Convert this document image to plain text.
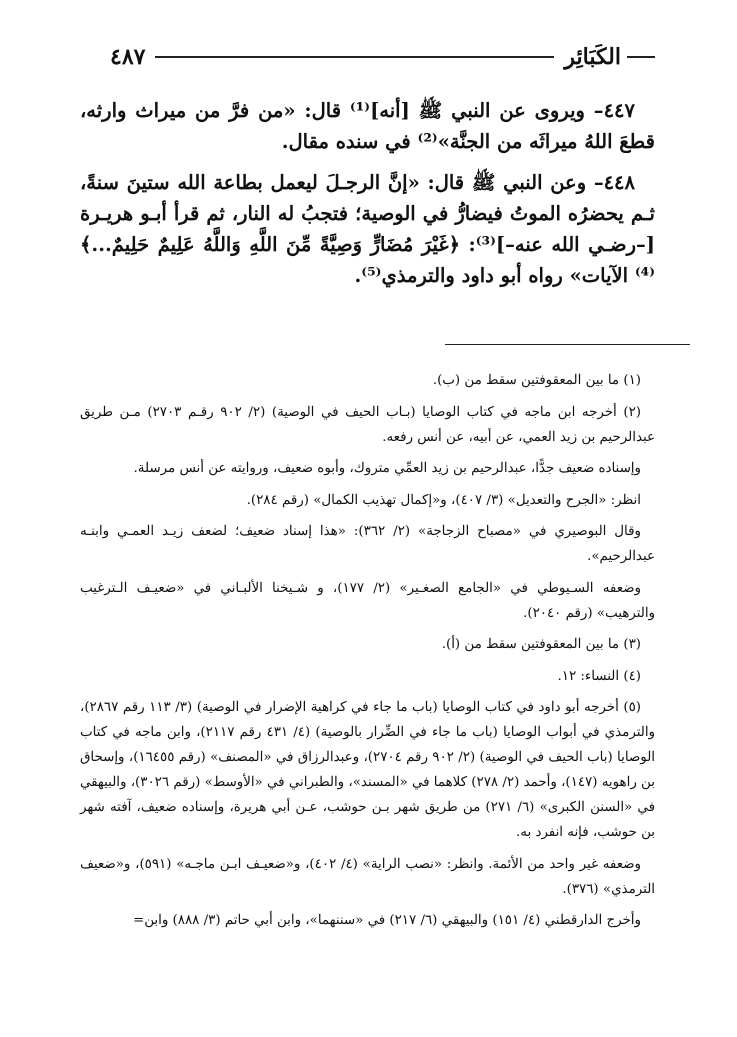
٤٨٧	الكَبَائِر

٤٤٧– ويروى عن النبي ﷺ [أنه]⁽¹⁾ قال: «من فرَّ من ميراث وارثه، قطعَ اللهُ ميراثَه من الجنَّة»⁽²⁾ في سنده مقال.

٤٤٨– وعن النبي ﷺ قال: «إنَّ الرجـلَ ليعمل بطاعة الله ستينَ سنةً، ثـم يحضرُه الموتُ فيضارُّ في الوصية؛ فتجبُ له النار، ثم قرأ أبـو هريـرة [–رضـي الله عنه–]⁽³⁾: ﴿غَيْرَ مُضَارٍّ وَصِيَّةً مِّنَ اللَّهِ وَاللَّهُ عَلِيمٌ حَلِيمٌ...﴾⁽⁴⁾ الآيات» رواه أبو داود والترمذي⁽⁵⁾.

(١) ما بين المعقوفتين سقط من (ب).

(٢) أخرجه ابن ماجه في كتاب الوصايا (بـاب الحيف في الوصية) (٢/ ٩٠٢ رقـم ٢٧٠٣) مـن طريق عبدالرحيم بن زيد العمي، عن أبيه، عن أنس رفعه.

وإسناده ضعيف جدًّا، عبدالرحيم بن زيد العمِّي متروك، وأبوه ضعيف، وروايته عن أنس مرسلة.

انظر: «الجرح والتعديل» (٣/ ٤٠٧)، و«إكمال تهذيب الكمال» (رقم ٢٨٤).

وقال البوصيري في «مصباح الزجاجة» (٢/ ٣٦٢): «هذا إسناد ضعيف؛ لضعف زيـد العمـي وابنـه عبدالرحيم».

وضعفه السـيوطي في «الجامع الصغـير» (٢/ ١٧٧)، و شـيخنا الألبـاني في «ضعيـف الـترغيب والترهيب» (رقم ٢٠٤٠).

(٣) ما بين المعقوفتين سقط من (أ).

(٤) النساء: ١٢.

(٥) أخرجه أبو داود في كتاب الوصايا (باب ما جاء في كراهية الإضرار في الوصية) (٣/ ١١٣ رقم ٢٨٦٧)، والترمذي في أبواب الوصايا (باب ما جاء في الضِّرار بالوصية) (٤/ ٤٣١ رقم ٢١١٧)، وابن ماجه في كتاب الوصايا (باب الحيف في الوصية) (٢/ ٩٠٢ رقم ٢٧٠٤)، وعبدالرزاق في «المصنف» (رقم ١٦٤٥٥)، وإسحاق بن راهويه (١٤٧)، وأحمد (٢/ ٢٧٨) كلاهما في «المسند»، والطبراني في «الأوسط» (رقم ٣٠٢٦)، والبيهقي في «السنن الكبرى» (٦/ ٢٧١) من طريق شهر بـن حوشب، عـن أبي هريرة، وإسناده ضعيف، آفته شهر بن حوشب، فإنه انفرد به.

وضعفه غير واحد من الأئمة. وانظر: «نصب الراية» (٤/ ٤٠٢)، و«ضعيـف ابـن ماجـه» (٥٩١)، و«ضعيف الترمذي» (٣٧٦).

وأخرج الدارقطني (٤/ ١٥١) والبيهقي (٦/ ٢١٧) في «سننهما»، وابن أبي حاتم (٣/ ٨٨٨) وابن=
